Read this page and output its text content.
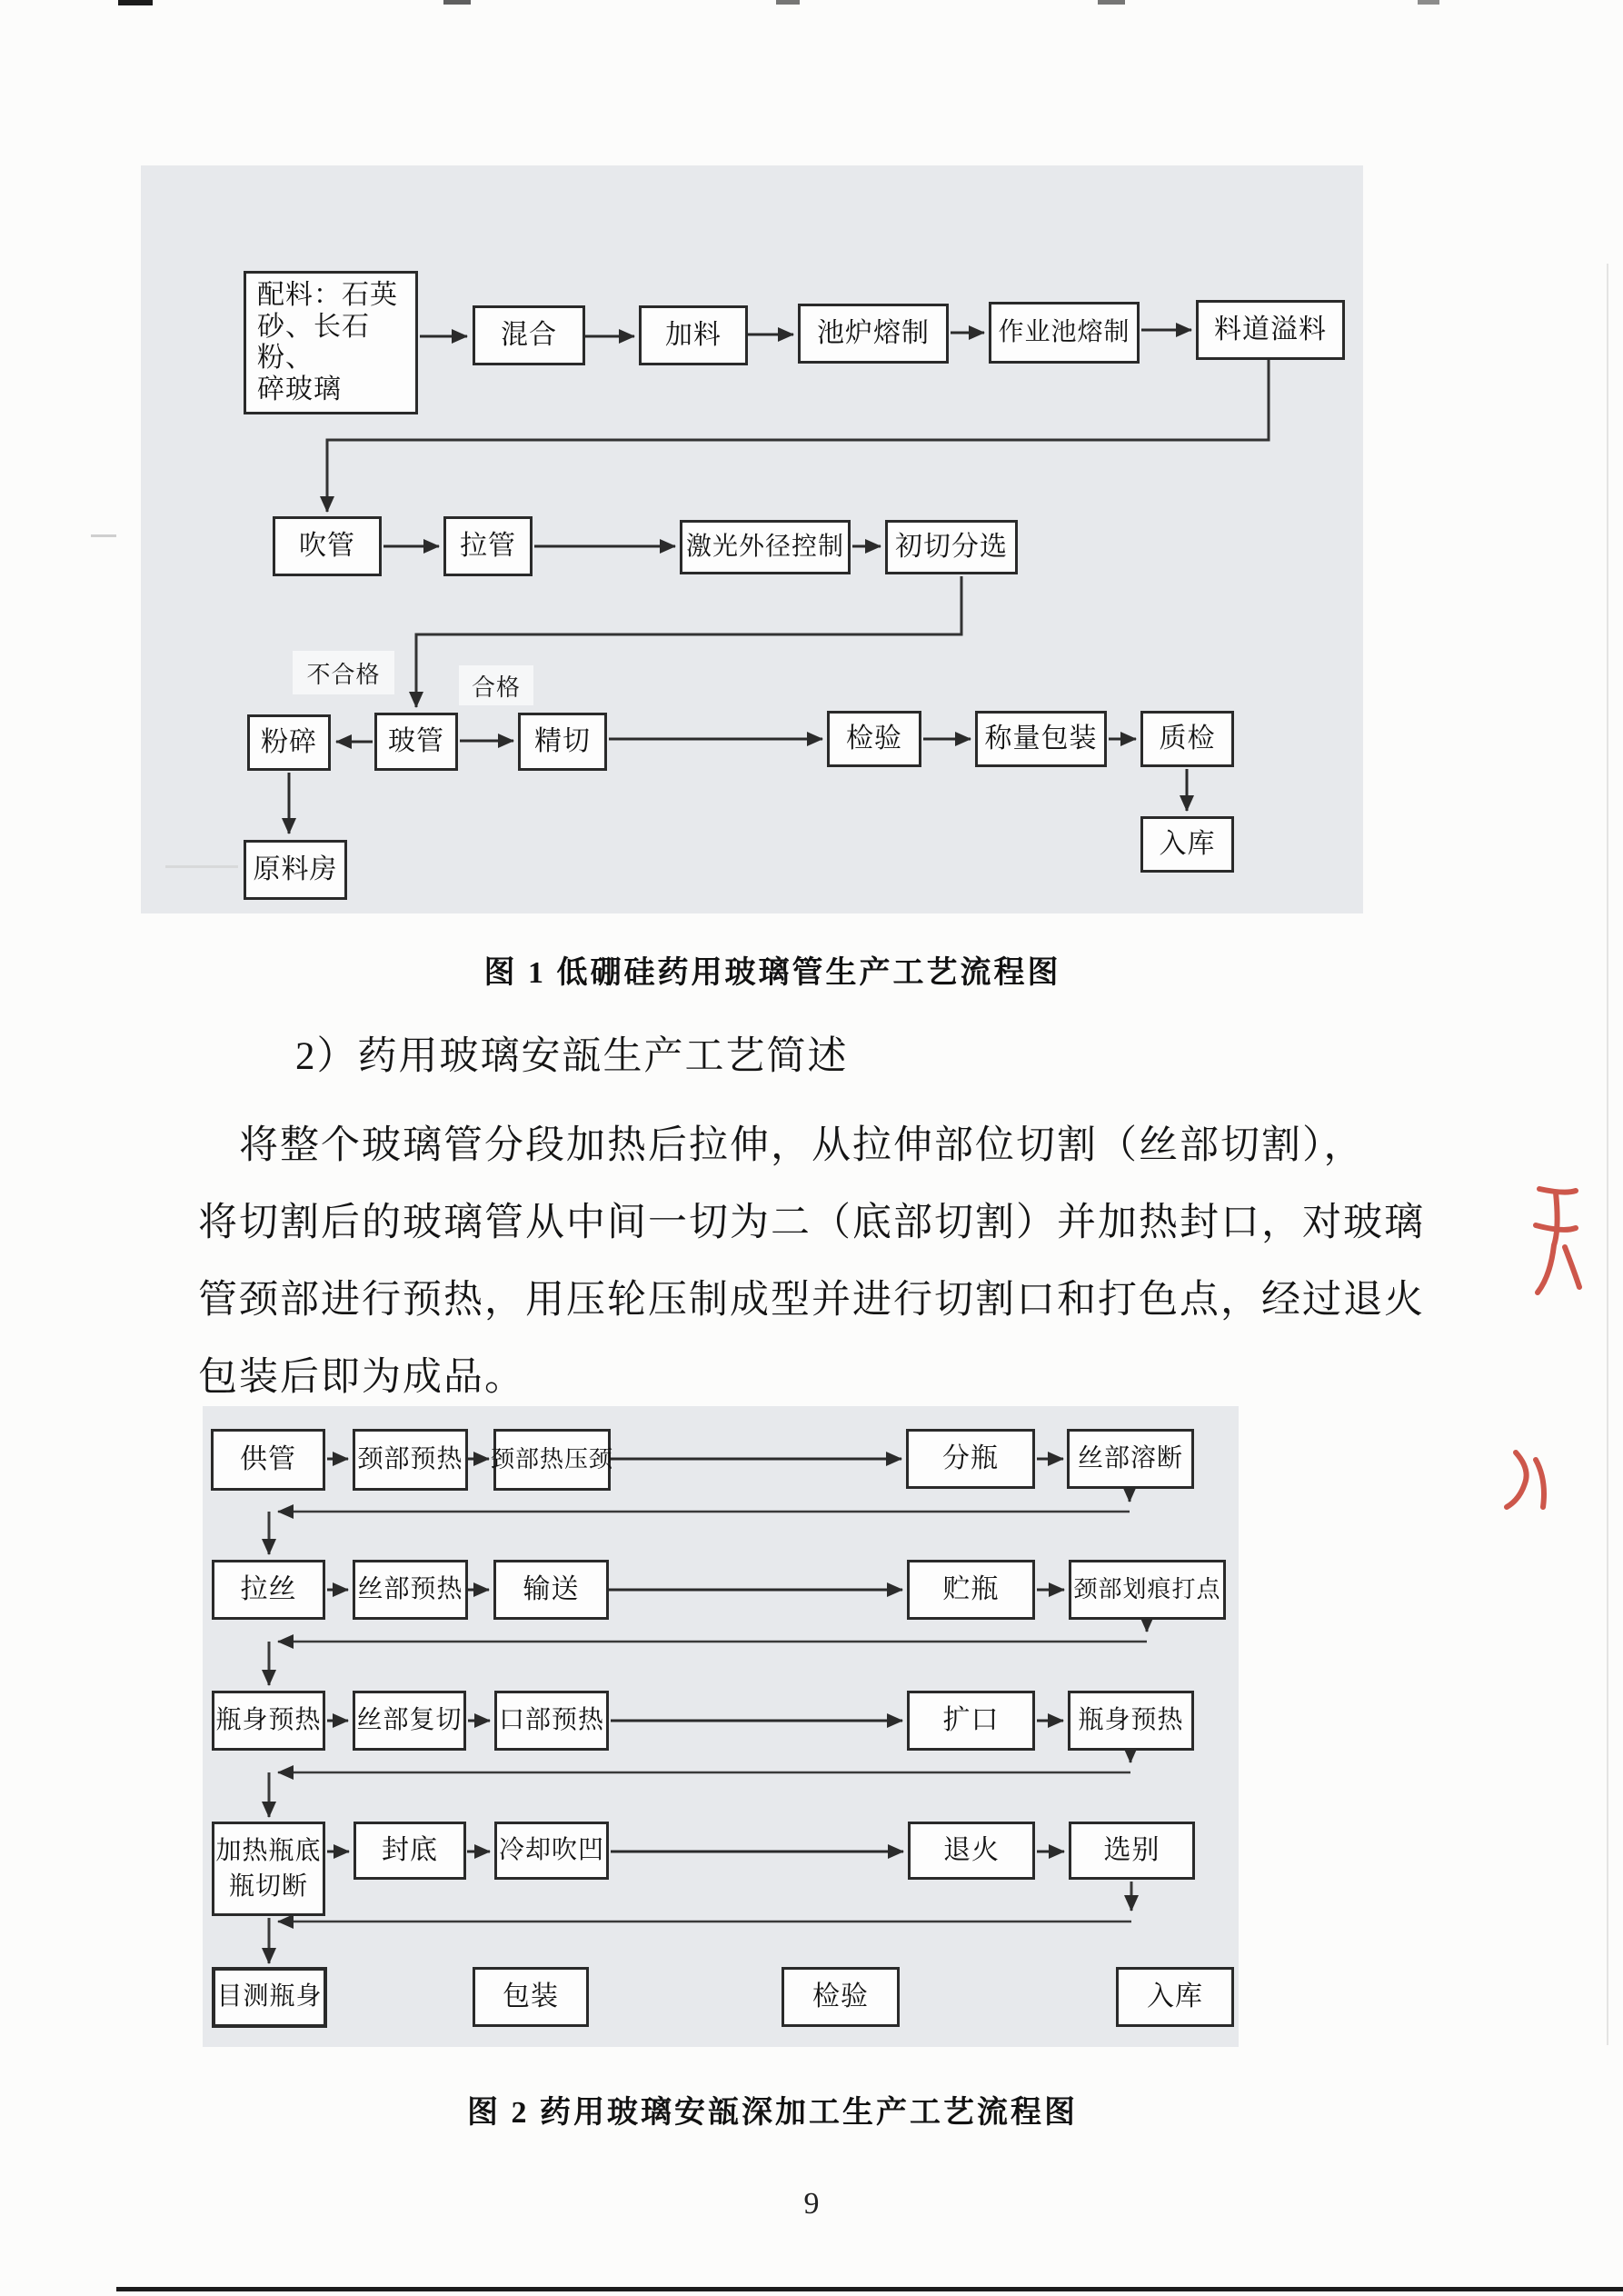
配料：石英
砂、长石粉、
碎玻璃
混合	加料	池炉熔制	作业池熔制	料道溢料
吹管	拉管	激光外径控制 初切分选
不合格	合格
粉碎	玻管	精切	检验	称量包装 质检
入库
原料房
图 1 低硼硅药用玻璃管生产工艺流程图
2）药用玻璃安瓿生产工艺简述
将整个玻璃管分段加热后拉伸，从拉伸部位切割（丝部切割），
将切割后的玻璃管从中间一切为二（底部切割）并加热封口，对玻璃
管颈部进行预热，用压轮压制成型并进行切割口和打色点，经过退火
包装后即为成品。
供管 颈部预热 颈部热压颈	分瓶	丝部溶断
拉丝 丝部预热 输送	贮瓶	颈部划痕打点
瓶身预热 丝部复切 口部预热	扩口	瓶身预热
加热瓶底
瓶切断
封底 冷却吹凹	退火	选别
目测瓶身	包装	检验	入库
图 2 药用玻璃安瓿深加工生产工艺流程图
9
